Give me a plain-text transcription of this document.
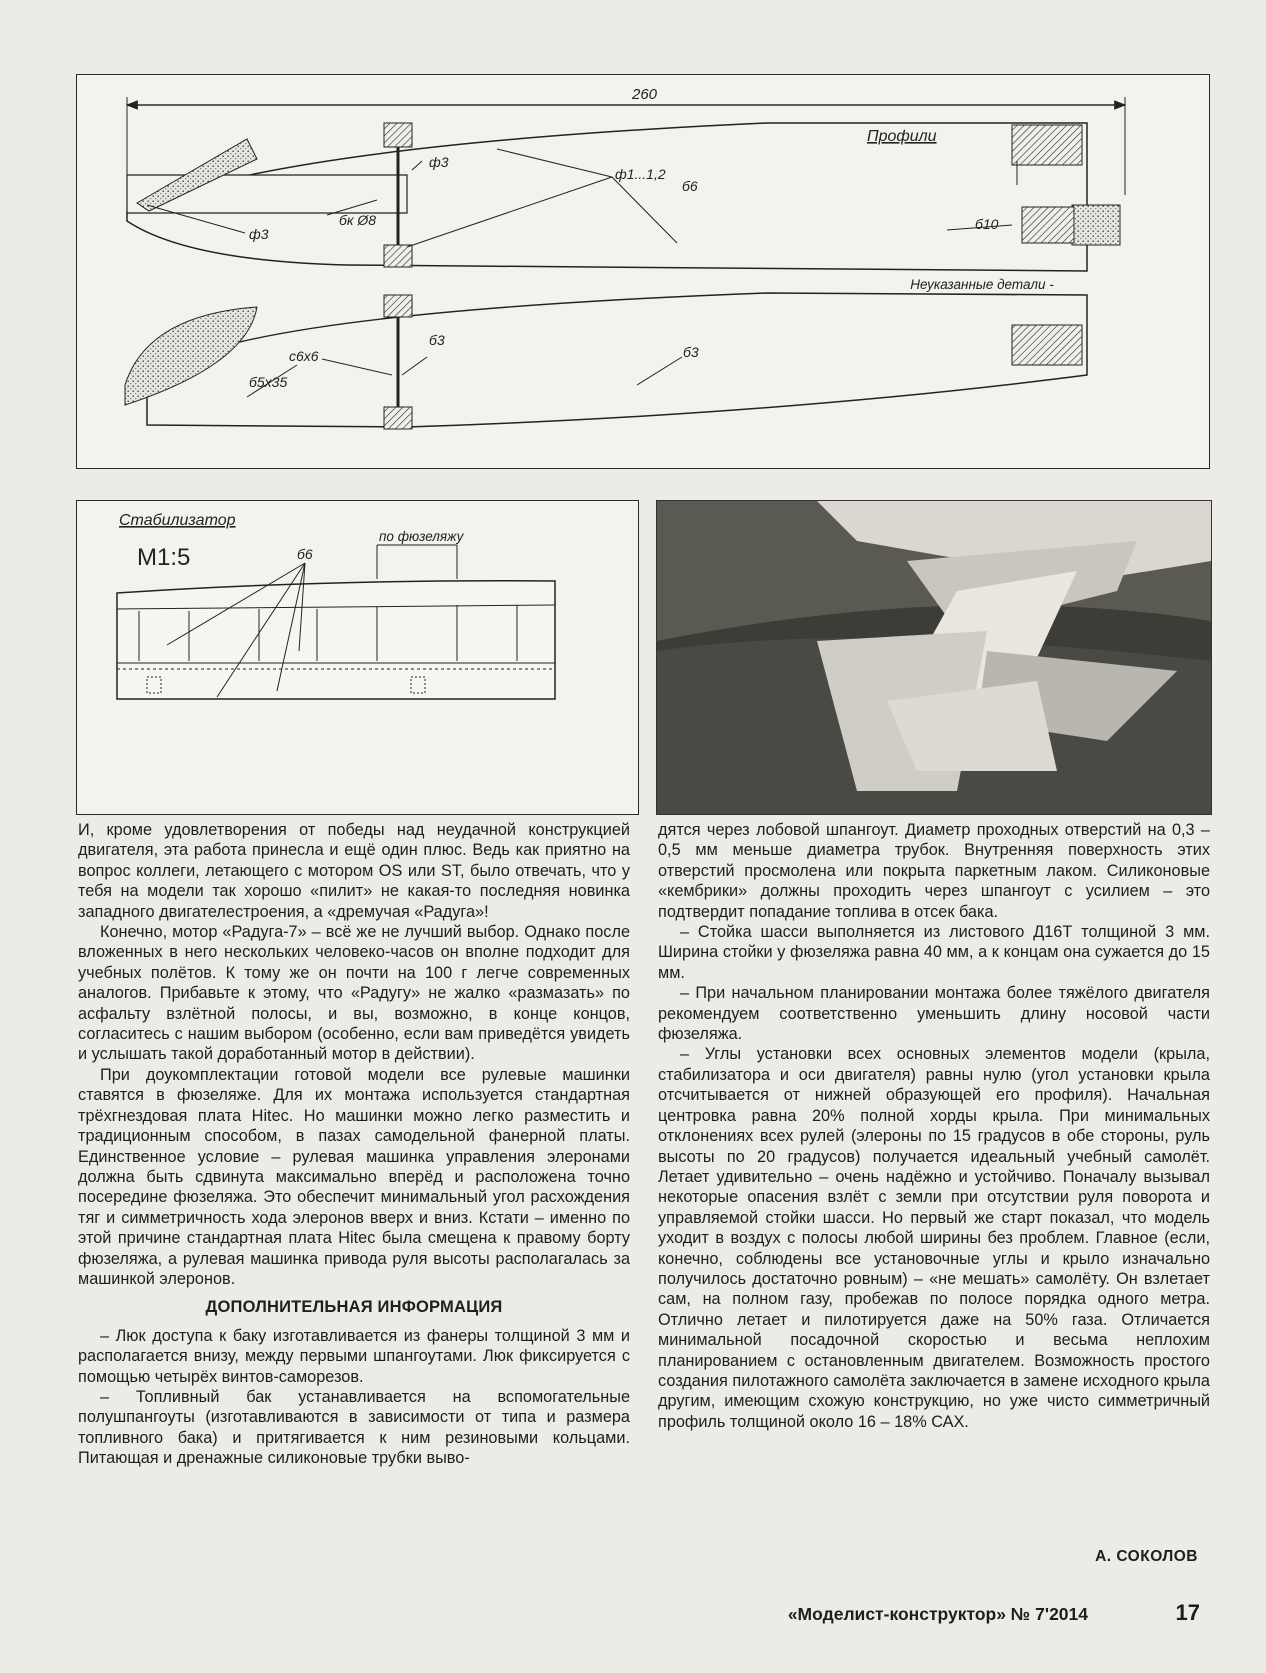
260
ф3
ф3
ф1...1,2
б6
бк Ø8	б10
Профили
Неуказанные детали -
с6х6
б5х35
б3
б3
Стабилизатор
М1:5
по фюзеляжу
б6

И, кроме удовлетворения от победы над неудачной конструкцией двигателя, эта работа принесла и ещё один плюс. Ведь как приятно на вопрос коллеги, летающего с мотором OS или ST, было отвечать, что у тебя на модели так хорошо «пилит» не какая-то последняя новинка западного двигателестроения, а «дремучая «Радуга»!

Конечно, мотор «Радуга-7» – всё же не лучший выбор. Однако после вложенных в него нескольких человеко-часов он вполне подходит для учебных полётов. К тому же он почти на 100 г легче современных аналогов. Прибавьте к этому, что «Радугу» не жалко «размазать» по асфальту взлётной полосы, и вы, возможно, в конце концов, согласитесь с нашим выбором (особенно, если вам приведётся увидеть и услышать такой доработанный мотор в действии).

При доукомплектации готовой модели все рулевые машинки ставятся в фюзеляже. Для их монтажа используется стандартная трёхгнездовая плата Hitec. Но машинки можно легко разместить и традиционным способом, в пазах самодельной фанерной платы. Единственное условие – рулевая машинка управления элеронами должна быть сдвинута максимально вперёд и расположена точно посередине фюзеляжа. Это обеспечит минимальный угол расхождения тяг и симметричность хода элеронов вверх и вниз. Кстати – именно по этой причине стандартная плата Hitec была смещена к правому борту фюзеляжа, а рулевая машинка привода руля высоты располагалась за машинкой элеронов.

ДОПОЛНИТЕЛЬНАЯ ИНФОРМАЦИЯ

– Люк доступа к баку изготавливается из фанеры толщиной 3 мм и располагается внизу, между первыми шпангоутами. Люк фиксируется с помощью четырёх винтов-саморезов.

– Топливный бак устанавливается на вспомогательные полушпангоуты (изготавливаются в зависимости от типа и размера топливного бака) и притягивается к ним резиновыми кольцами. Питающая и дренажные силиконовые трубки выво-

дятся через лобовой шпангоут. Диаметр проходных отверстий на 0,3 – 0,5 мм меньше диаметра трубок. Внутренняя поверхность этих отверстий просмолена или покрыта паркетным лаком. Силиконовые «кембрики» должны проходить через шпангоут с усилием – это подтвердит попадание топлива в отсек бака.

– Стойка шасси выполняется из листового Д16Т толщиной 3 мм. Ширина стойки у фюзеляжа равна 40 мм, а к концам она сужается до 15 мм.

– При начальном планировании монтажа более тяжёлого двигателя рекомендуем соответственно уменьшить длину носовой части фюзеляжа.

– Углы установки всех основных элементов модели (крыла, стабилизатора и оси двигателя) равны нулю (угол установки крыла отсчитывается от нижней образующей его профиля). Начальная центровка равна 20% полной хорды крыла. При минимальных отклонениях всех рулей (элероны по 15 градусов в обе стороны, руль высоты по 20 градусов) получается идеальный учебный самолёт. Летает удивительно – очень надёжно и устойчиво. Поначалу вызывал некоторые опасения взлёт с земли при отсутствии руля поворота и управляемой стойки шасси. Но первый же старт показал, что модель уходит в воздух с полосы любой ширины без проблем. Главное (если, конечно, соблюдены все установочные углы и крыло изначально получилось достаточно ровным) – «не мешать» самолёту. Он взлетает сам, на полном газу, пробежав по полосе порядка одного метра. Отлично летает и пилотируется даже на 50% газа. Отличается минимальной посадочной скоростью и весьма неплохим планированием с остановленным двигателем. Возможность простого создания пилотажного самолёта заключается в замене исходного крыла другим, имеющим схожую конструкцию, но уже чисто симметричный профиль толщиной около 16 – 18% САХ.

А. СОКОЛОВ
«Моделист-конструктор» № 7'2014	17
